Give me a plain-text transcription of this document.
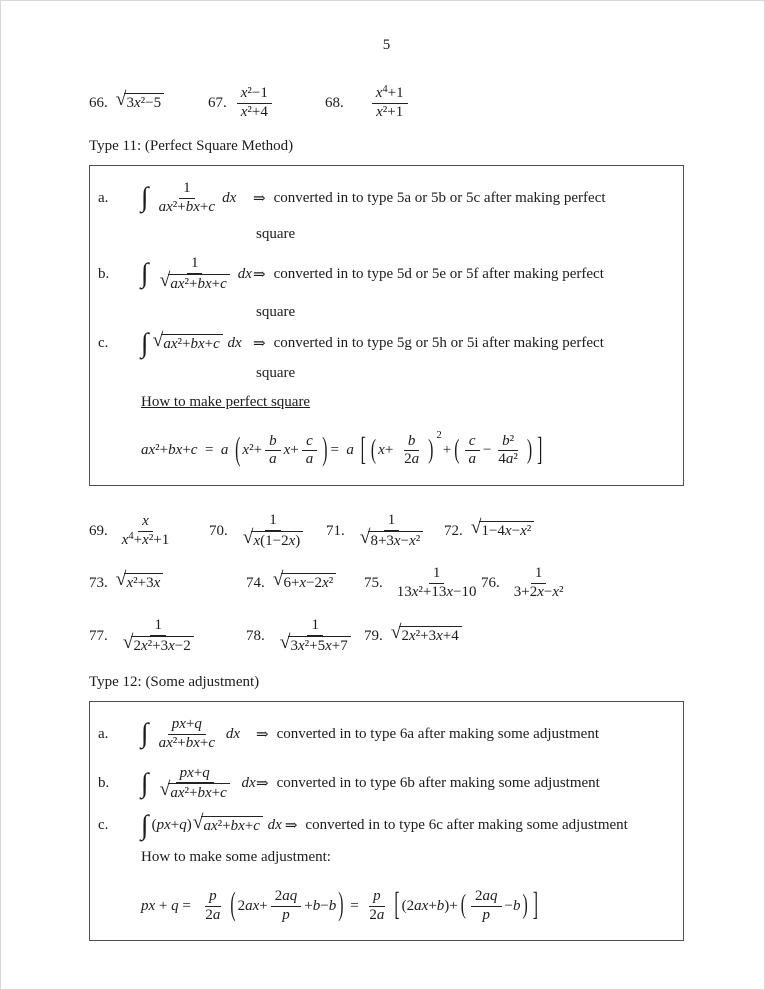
5
66. √ 3x²−5	67. $\frac{\text{x²−1}}{\text{x²+4}}$	68. $\frac{x 4 +1}{\text{x²+1}}$
Type 11: (Perfect Square Method)
a.	∫ $\frac{1}{\text{ax²+bx+c}}$ dx ⇒ converted in to type 5a or 5b or 5c after making perfect
square
b.	∫ $\frac{1}{\text{√ ax²+bx+c}}$ dx ⇒ converted in to type 5d or 5e or 5f after making perfect
square
c.	∫ √ ax²+bx+c dx ⇒ converted in to type 5g or 5h or 5i after making perfect
square
How to make perfect square
ax²+bx+c  =  a ( $x^2+ \frac{b}{a} x+ \frac{c}{a}$ ) =  a [ ( $x+ \frac{b}{2a}$ )
2
+ ( $\frac{c}{a} - \frac{\text{b²}}{\text{4a²}}$ ) ]
69. $\frac{x}{\text{x 4 +x²+1}} 70$. $\frac{1}{√ x(1-2x)} 71$. $\frac{1}{\text{√ 8+3x−x²}} 72$. √ 1−4x−x²
73. √ x²+3x	74. √ 6+x−2x² 75. $\frac{1}{\text{13x²+13x−10}} 76$. $\frac{1}{\text{3+2x−x²}}$
77. $\frac{1}{\text{√ 2x²+3x−2}}$	78. $\frac{1}{\text{√ 3x²+5x+7}} 79$. √ 2x²+3x+4
Type 12: (Some adjustment)
a.	∫ $\frac{px+q}{\text{ax²+bx+c}}$ dx ⇒ converted in to type 6a after making some adjustment
b.	∫ $\frac{px+q}{\text{√ ax²+bx+c}}$ dx ⇒ converted in to type 6b after making some adjustment
c.	∫ (px+q) √ ax²+bx+c dx ⇒ converted in to type 6c after making some adjustment
How to make some adjustment:
px + $q = \frac{p}{2a}$ ( $2ax+ \frac{2aq}{p} +b-b$ ) = $\frac{p}{2a}$ [ (2ax+b)+ ( $\frac{2aq}{p} -b$ ) ]
